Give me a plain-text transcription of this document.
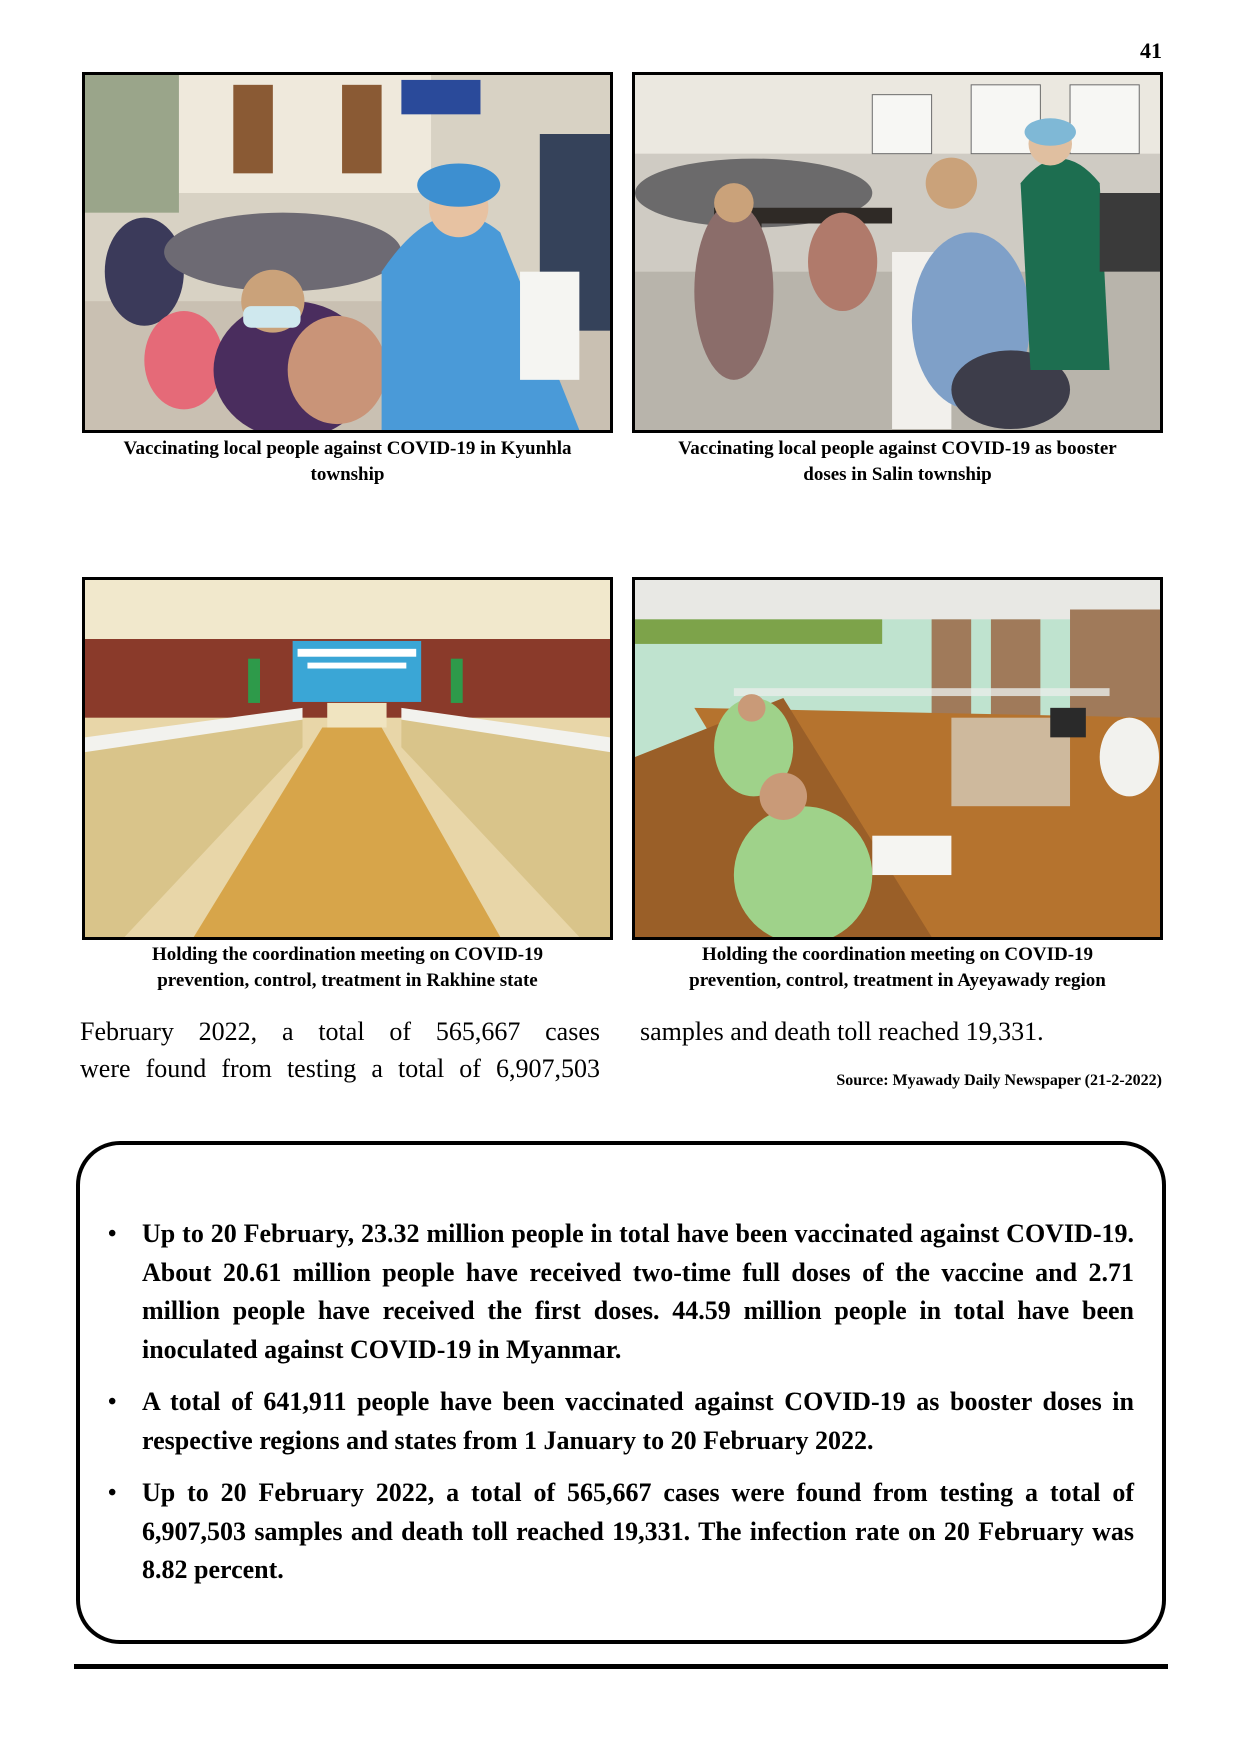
41
Vaccinating local people against COVID-19 in Kyunhla
township
Vaccinating local people against COVID-19 as booster
doses in Salin township
Holding the coordination meeting on COVID-19
prevention, control, treatment in Rakhine state
Holding the coordination meeting on COVID-19
prevention, control, treatment in Ayeyawady region
February 2022, a total of 565,667 cases
were found from testing a total of 6,907,503
samples and death toll reached 19,331.
Source: Myawady Daily Newspaper (21-2-2022)
• Up to 20 February, 23.32 million people in total have been vaccinated against COVID-19. About 20.61 million people have received two-time full doses of the vaccine and 2.71 million people have received the first doses. 44.59 million people in total have been inoculated against COVID-19 in Myanmar.
• A total of 641,911 people have been vaccinated against COVID-19 as booster doses in respective regions and states from 1 January to 20 February 2022.
• Up to 20 February 2022, a total of 565,667 cases were found from testing a total of 6,907,503 samples and death toll reached 19,331. The infection rate on 20 February was 8.82 percent.
